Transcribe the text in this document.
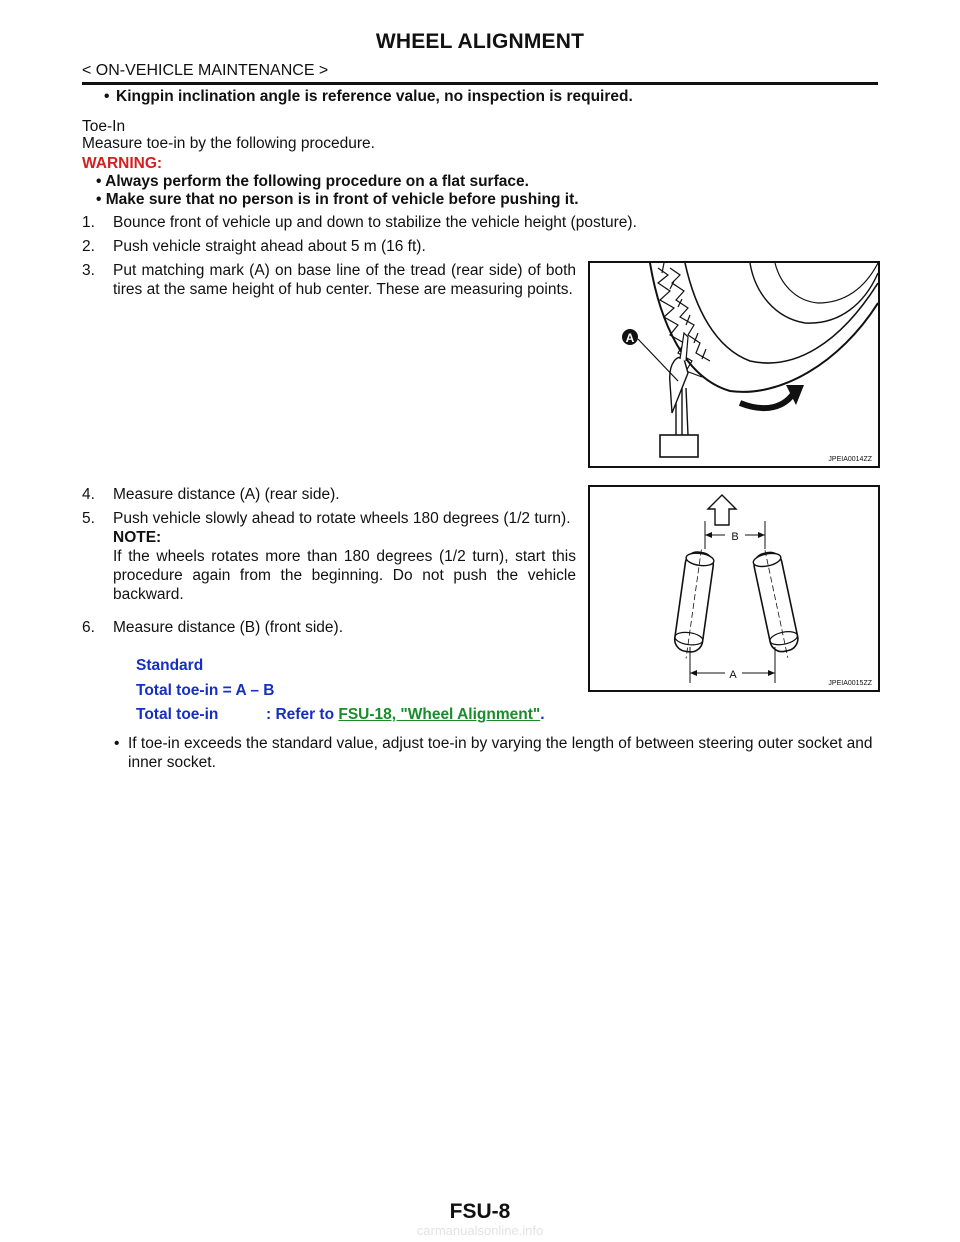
WHEEL ALIGNMENT
< ON-VEHICLE MAINTENANCE >
• Kingpin inclination angle is reference value, no inspection is required.
Toe-In
Measure toe-in by the following procedure.
WARNING:
• Always perform the following procedure on a flat surface.
• Make sure that no person is in front of vehicle before pushing it.
1. Bounce front of vehicle up and down to stabilize the vehicle height (posture).
2. Push vehicle straight ahead about 5 m (16 ft).
3. Put matching mark (A) on base line of the tread (rear side) of both tires at the same height of hub center. These are measuring points.
A
JPEIA0014ZZ
4. Measure distance (A) (rear side).
5. Push vehicle slowly ahead to rotate wheels 180 degrees (1/2 turn).
NOTE:
If the wheels rotates more than 180 degrees (1/2 turn), start this procedure again from the beginning. Do not push the vehicle backward.
6. Measure distance (B) (front side).
B
A
JPEIA0015ZZ
Standard
Total toe-in = A – B
Total toe-in	: Refer to FSU-18, "Wheel Alignment".
• If toe-in exceeds the standard value, adjust toe-in by varying the length of between steering outer socket and inner socket.
FSU-8
carmanualsonline.info
